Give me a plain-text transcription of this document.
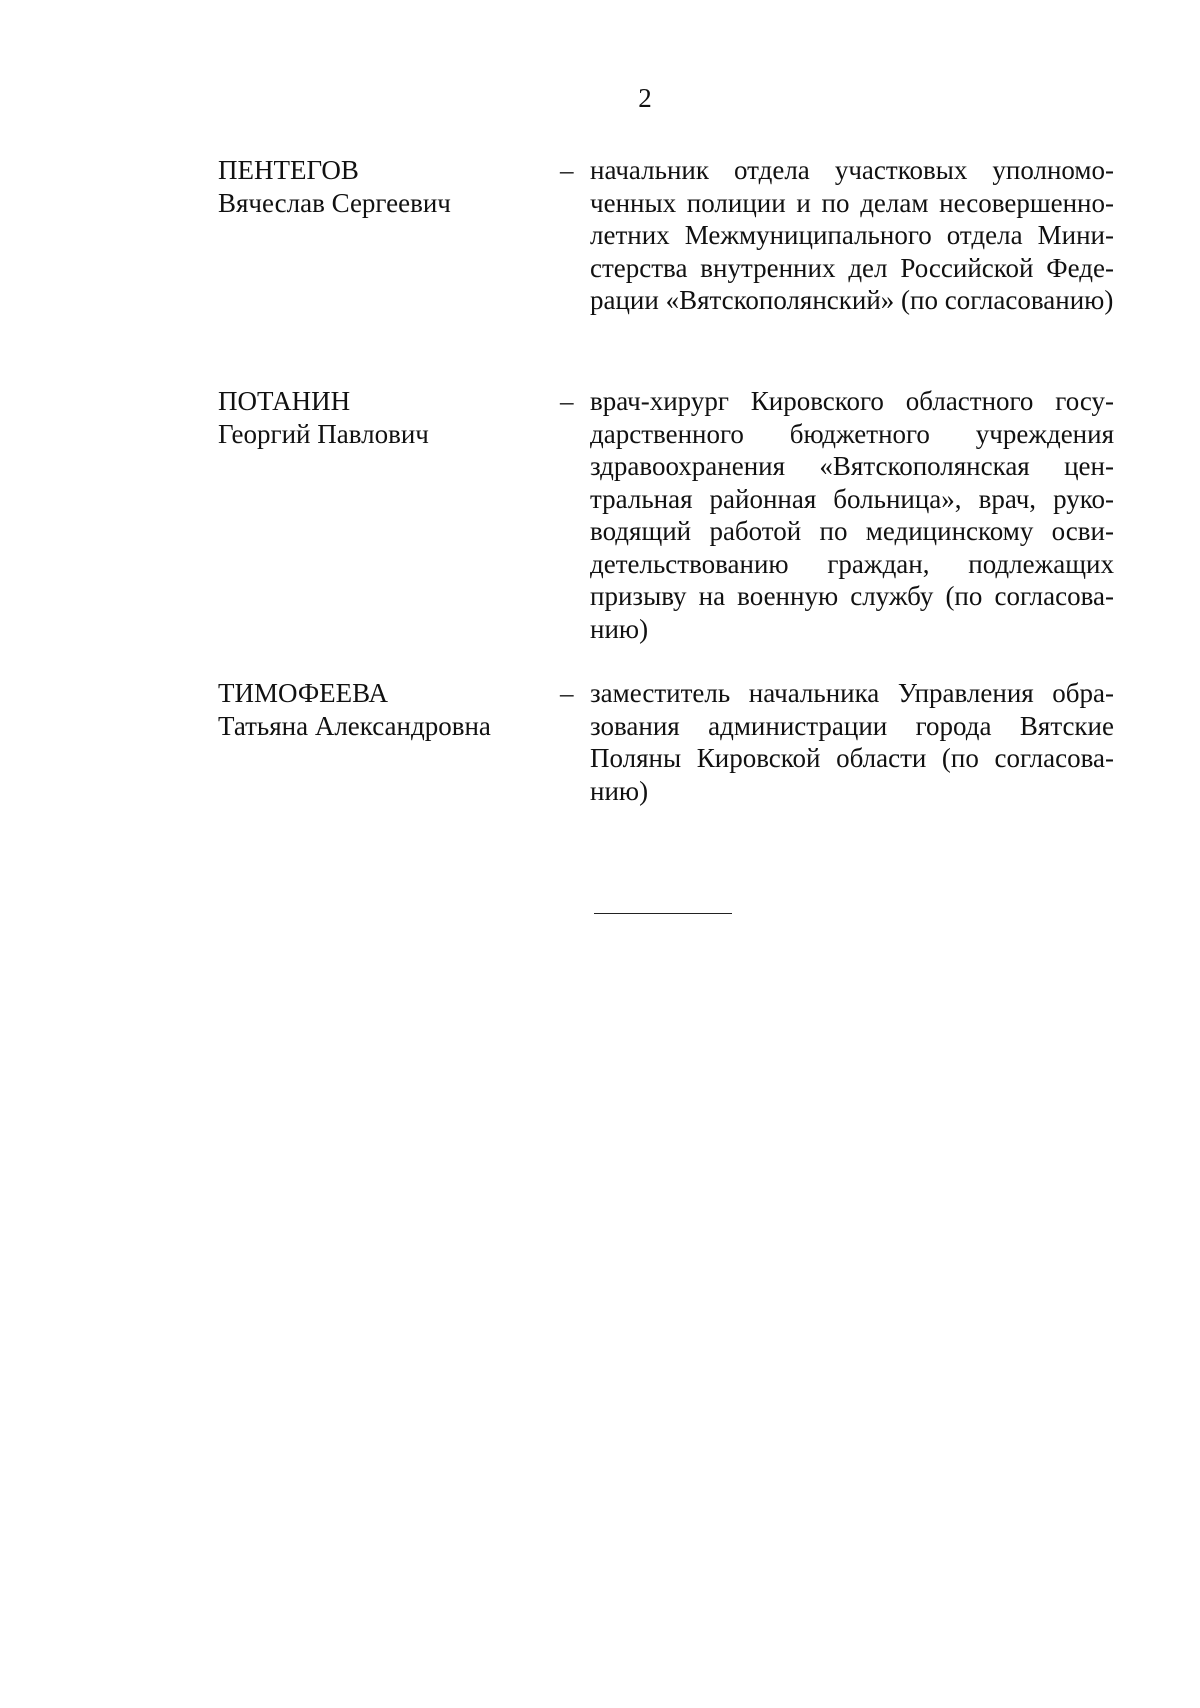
2
ПЕНТЕГОВ
Вячеслав Сергеевич
– начальник отдела участковых уполномоченных полиции и по делам несовершеннолетних Межмуниципального отдела Министерства внутренних дел Российской Федерации «Вятскополянский» (по согласованию)
ПОТАНИН
Георгий Павлович
– врач-хирург Кировского областного государственного бюджетного учреждения здравоохранения «Вятскополянская центральная районная больница», врач, руководящий работой по медицинскому освидетельствованию граждан, подлежащих призыву на военную службу (по согласованию)
ТИМОФЕЕВА
Татьяна Александровна
– заместитель начальника Управления образования администрации города Вятские Поляны Кировской области (по согласованию)
